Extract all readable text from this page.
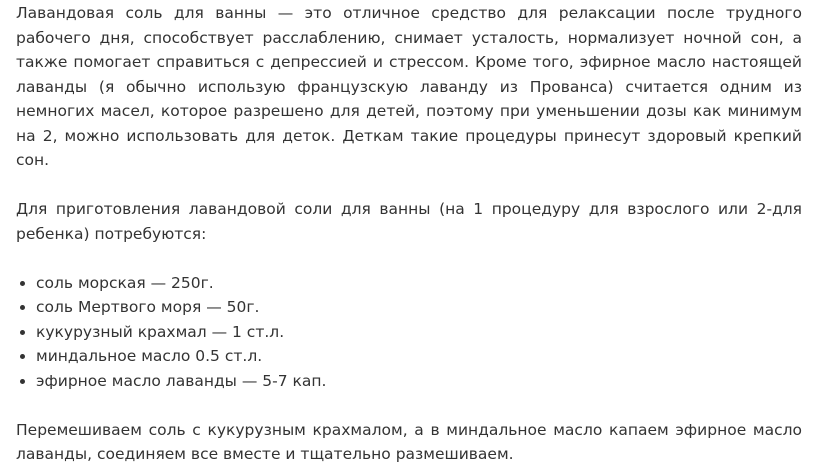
Лавандовая соль для ванны — это отличное средство для релаксации после трудного рабочего дня, способствует расслаблению, снимает усталость, нормализует ночной сон, а также помогает справиться с депрессией и стрессом. Кроме того, эфирное масло настоящей лаванды (я обычно использую французскую лаванду из Прованса) считается одним из немногих масел, которое разрешено для детей, поэтому при уменьшении дозы как минимум на 2, можно использовать для деток. Деткам такие процедуры принесут здоровый крепкий сон.

Для приготовления лавандовой соли для ванны (на 1 процедуру для взрослого или 2-для ребенка) потребуются:

соль морская — 250г.
соль Мертвого моря — 50г.
кукурузный крахмал — 1 ст.л.
миндальное масло 0.5 ст.л.
эфирное масло лаванды — 5-7 кап.

Перемешиваем соль с кукурузным крахмалом, а в миндальное масло капаем эфирное масло лаванды, соединяем все вместе и тщательно размешиваем.
